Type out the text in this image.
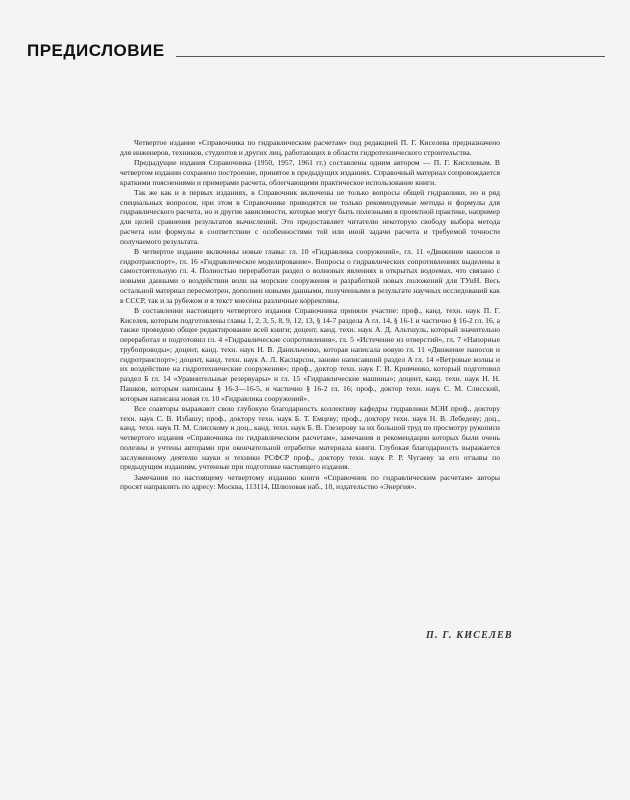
ПРЕДИСЛОВИЕ

Четвертое издание «Справочника по гидравлическим расчетам» под редакцией П. Г. Киселева предназначено для инженеров, техников, студентов и других лиц, работающих в области гидротехнического строительства.

Предыдущие издания Справочника (1950, 1957, 1961 гг.) составлены одним автором — П. Г. Киселевым. В четвертом издании сохранено построение, принятое в предыдущих изданиях. Справочный материал сопровождается краткими пояснениями и примерами расчета, облегчающими практическое использование книги.

Так же как и в первых изданиях, в Справочник включены не только вопросы общей гидравлики, но и ряд специальных вопросов, при этом в Справочнике приводятся не только рекомендуемые методы и формулы для гидравлического расчета, но и другие зависимости, которые могут быть полезными в проектной практике, например для целей сравнения результатов вычислений. Это предоставляет читателю некоторую свободу выбора метода расчета или формулы в соответствии с особенностями той или иной задачи расчета и требуемой точности получаемого результата.

В четвертое издание включены новые главы: гл. 10 «Гидравлика сооружений», гл. 11 «Движение наносов и гидротранспорт», гл. 16 «Гидравлическое моделирование». Вопросы о гидравлических сопротивлениях выделены в самостоятельную гл. 4. Полностью переработан раздел о волновых явлениях в открытых водоемах, что связано с новыми данными о воздействии волн на морские сооружения и разработкой новых положений для ТУиН. Весь остальной материал пересмотрен, дополнен новыми данными, полученными в результате научных исследований как в СССР, так и за рубежом и в текст внесены различные коррективы.

В составлении настоящего четвертого издания Справочника приняли участие: проф., канд. техн. наук П. Г. Киселев, которым подготовлены главы 1, 2, 3, 5, 8, 9, 12, 13, § 14-7 раздела А гл. 14, § 16-1 и частично § 16-2 гл. 16, а также проведено общее редактирование всей книги; доцент, канд. техн. наук А. Д. Альтшуль, который значительно переработал и подготовил гл. 4 «Гидравлические сопротивления», гл. 5 «Истечение из отверстий», гл. 7 «Напорные трубопроводы»; доцент, канд. техн. наук Н. В. Данильченко, которая написала новую гл. 11 «Движение наносов и гидротранспорт»; доцент, канд. техн. наук А. Л. Каспарсон, заново написавший раздел А гл. 14 «Ветровые волны и их воздействие на гидротехнические сооружения»; проф., доктор техн. наук Г. И. Кривченко, который подготовил раздел Б гл. 14 «Уравнительные резервуары» и гл. 15 «Гидравлические машины»; доцент, канд. техн. наук Н. Н. Пашков, которым написаны § 16-3—16-5, и частично § 16-2 гл. 16; проф., доктор техн. наук С. М. Слисский, которым написана новая гл. 10 «Гидравлика сооружений».

Все соавторы выражают свою глубокую благодарность коллективу кафедры гидравлики МЭИ проф., доктору техн. наук С. В. Избашу; проф., доктору техн. наук Б. Т. Емцеву; проф., доктору техн. наук Н. В. Лебедеву; доц., канд. техн. наук П. М. Слисскому и доц., канд. техн. наук Б. В. Глезерову за их большой труд по просмотру рукописи четвертого издания «Справочника по гидравлическим расчетам», замечания и рекомендации которых были очень полезны и учтены авторами при окончательной отработке материала книги. Глубокая благодарность выражается заслуженному деятелю науки и техники РСФСР проф., доктору техн. наук Р. Р. Чугаеву за его отзывы по предыдущим изданиям, учтенные при подготовке настоящего издания.

Замечания по настоящему четвертому изданию книги «Справочник по гидравлическим расчетам» авторы просят направлять по адресу: Москва, 113114, Шлюзовая наб., 10, издательство «Энергия».

П. Г. КИСЕЛЕВ
